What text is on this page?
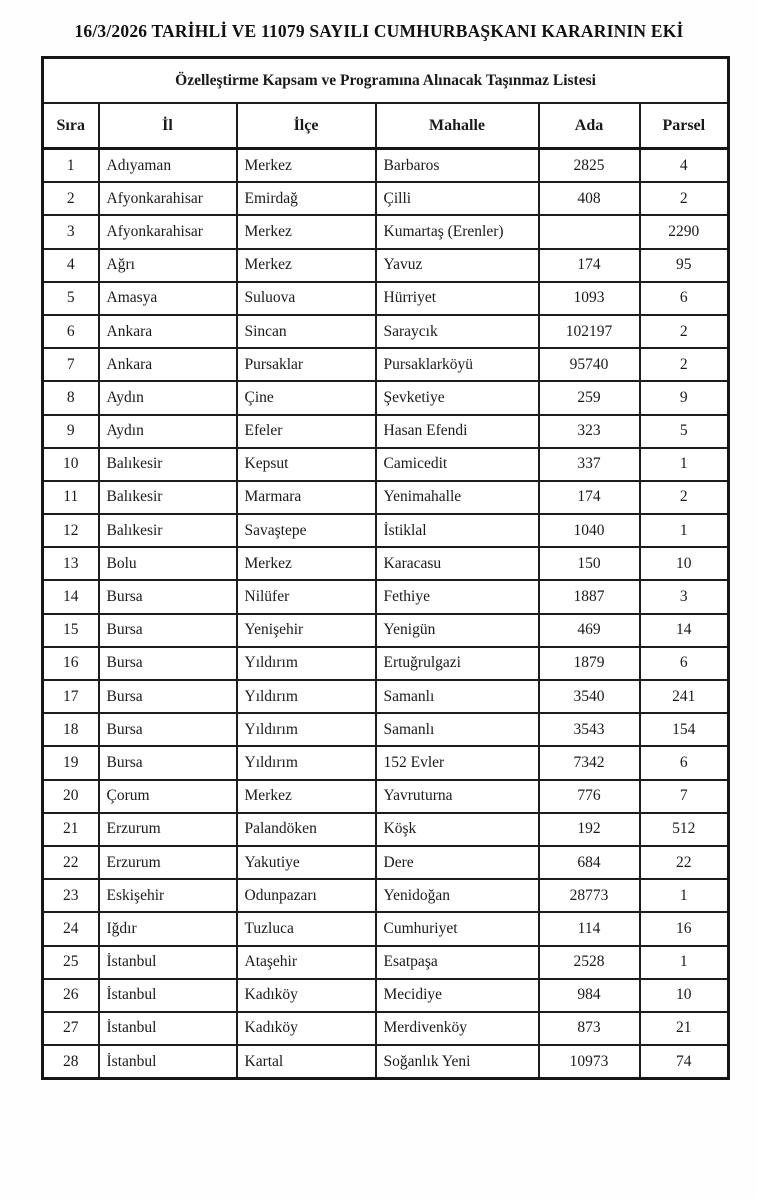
16/3/2026 TARİHLİ VE 11079 SAYILI CUMHURBAŞKANI KARARININ EKİ
Özelleştirme Kapsam ve Programına Alınacak Taşınmaz Listesi					
Sıra	İl	İlçe	Mahalle	Ada	Parsel
1	Adıyaman	Merkez	Barbaros	2825	4
2	Afyonkarahisar	Emirdağ	Çilli	408	2
3	Afyonkarahisar	Merkez	Kumartaş (Erenler)		2290
4	Ağrı	Merkez	Yavuz	174	95
5	Amasya	Suluova	Hürriyet	1093	6
6	Ankara	Sincan	Saraycık	102197	2
7	Ankara	Pursaklar	Pursaklarköyü	95740	2
8	Aydın	Çine	Şevketiye	259	9
9	Aydın	Efeler	Hasan Efendi	323	5
10	Balıkesir	Kepsut	Camicedit	337	1
11	Balıkesir	Marmara	Yenimahalle	174	2
12	Balıkesir	Savaştepe	İstiklal	1040	1
13	Bolu	Merkez	Karacasu	150	10
14	Bursa	Nilüfer	Fethiye	1887	3
15	Bursa	Yenişehir	Yenigün	469	14
16	Bursa	Yıldırım	Ertuğrulgazi	1879	6
17	Bursa	Yıldırım	Samanlı	3540	241
18	Bursa	Yıldırım	Samanlı	3543	154
19	Bursa	Yıldırım	152 Evler	7342	6
20	Çorum	Merkez	Yavruturna	776	7
21	Erzurum	Palandöken	Köşk	192	512
22	Erzurum	Yakutiye	Dere	684	22
23	Eskişehir	Odunpazarı	Yenidoğan	28773	1
24	Iğdır	Tuzluca	Cumhuriyet	114	16
25	İstanbul	Ataşehir	Esatpaşa	2528	1
26	İstanbul	Kadıköy	Mecidiye	984	10
27	İstanbul	Kadıköy	Merdivenköy	873	21
28	İstanbul	Kartal	Soğanlık Yeni	10973	74
